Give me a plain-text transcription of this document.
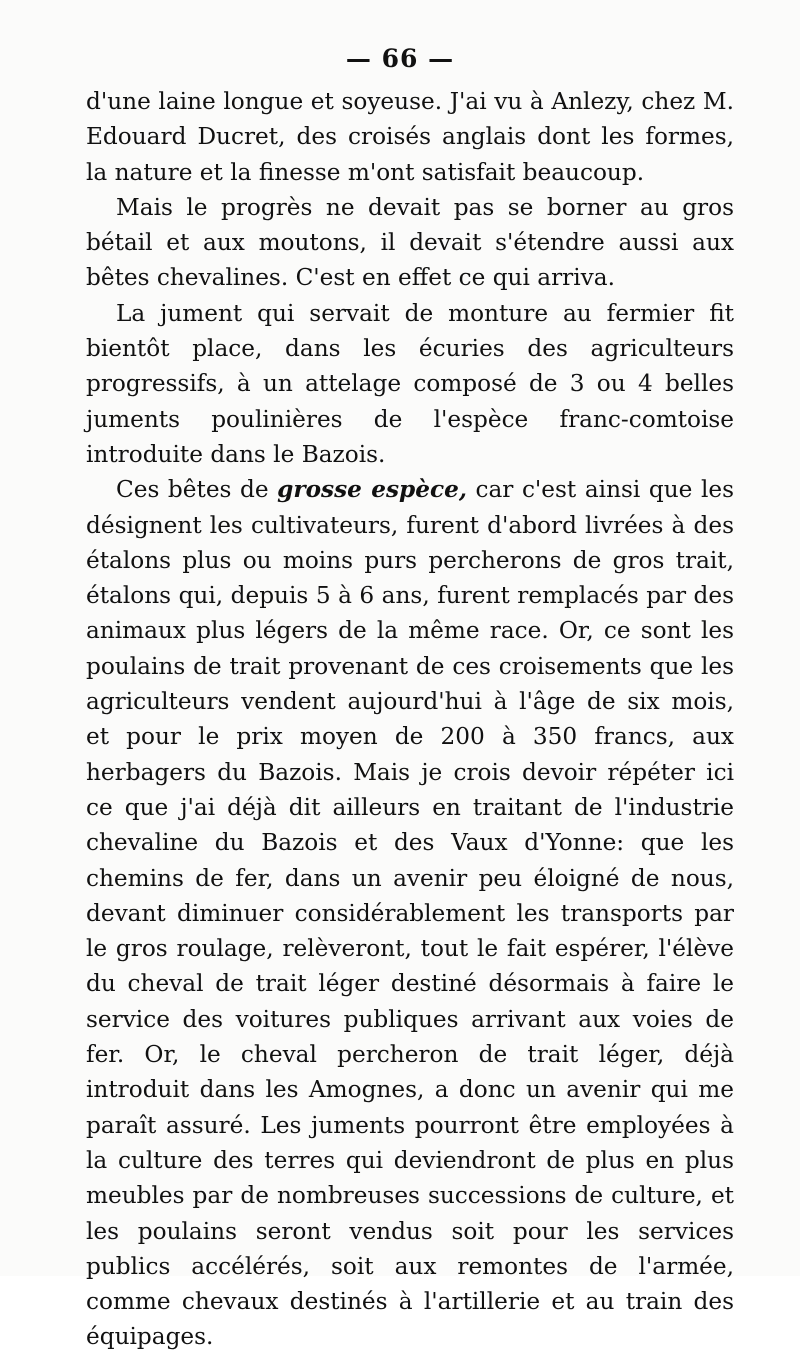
— 66 —

d'une laine longue et soyeuse. J'ai vu à Anlezy, chez M. Edouard Ducret, des croisés anglais dont les formes, la nature et la finesse m'ont satisfait beaucoup.

Mais le progrès ne devait pas se borner au gros bétail et aux moutons, il devait s'étendre aussi aux bêtes chevalines. C'est en effet ce qui arriva.

La jument qui servait de monture au fermier fit bientôt place, dans les écuries des agriculteurs progressifs, à un attelage composé de 3 ou 4 belles juments poulinières de l'espèce franc-comtoise introduite dans le Bazois.

Ces bêtes de grosse espèce, car c'est ainsi que les désignent les cultivateurs, furent d'abord livrées à des étalons plus ou moins purs percherons de gros trait, étalons qui, depuis 5 à 6 ans, furent remplacés par des animaux plus légers de la même race. Or, ce sont les poulains de trait provenant de ces croisements que les agriculteurs vendent aujourd'hui à l'âge de six mois, et pour le prix moyen de 200 à 350 francs, aux herbagers du Bazois. Mais je crois devoir répéter ici ce que j'ai déjà dit ailleurs en traitant de l'industrie chevaline du Bazois et des Vaux d'Yonne: que les chemins de fer, dans un avenir peu éloigné de nous, devant diminuer considérablement les transports par le gros roulage, relèveront, tout le fait espérer, l'élève du cheval de trait léger destiné désormais à faire le service des voitures publiques arrivant aux voies de fer. Or, le cheval percheron de trait léger, déjà introduit dans les Amognes, a donc un avenir qui me paraît assuré. Les juments pourront être employées à la culture des terres qui deviendront de plus en plus meubles par de nombreuses successions de culture, et les poulains seront vendus soit pour les services publics accélérés, soit aux remontes de l'armée, comme chevaux destinés à l'artillerie et au train des équipages.
